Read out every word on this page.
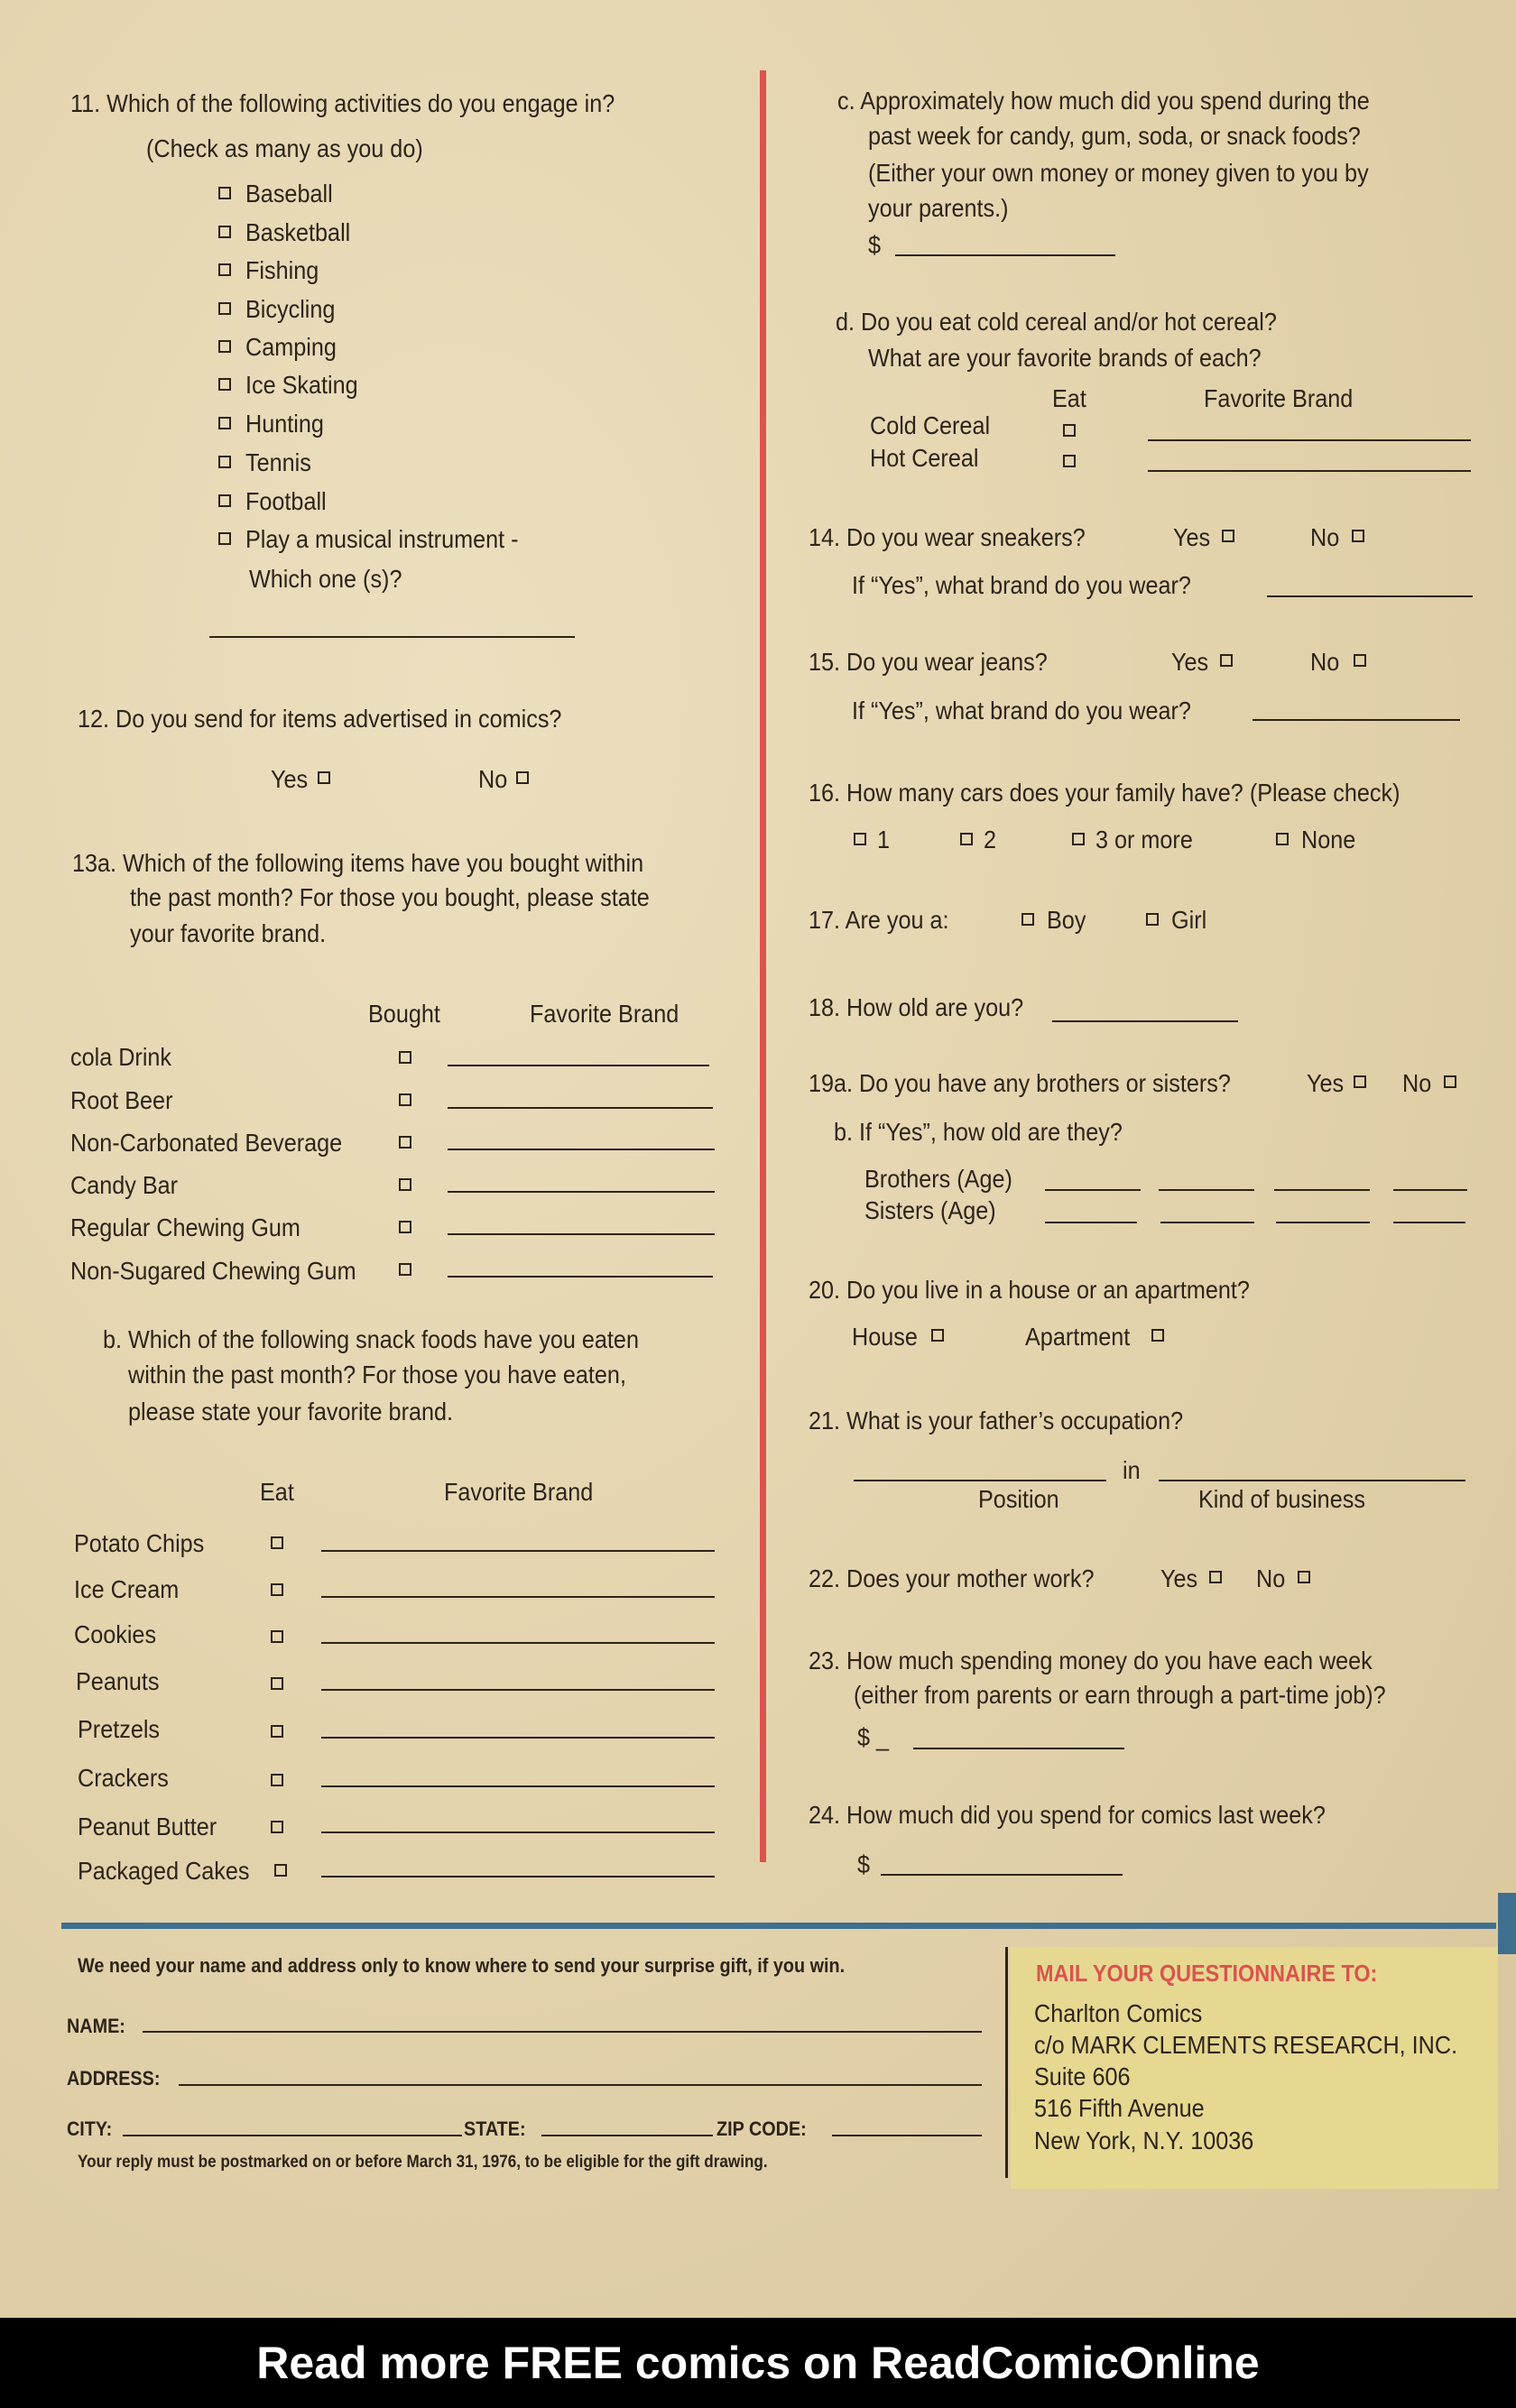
11. Which of the following activities do you engage in?
(Check as many as you do)
Baseball
Basketball
Fishing
Bicycling
Camping
Ice Skating
Hunting
Tennis
Football
Play a musical instrument -
Which one (s)?
12. Do you send for items advertised in comics?
Yes	No
13a. Which of the following items have you bought within
the past month? For those you bought, please state
your favorite brand.
Bought	Favorite Brand
cola Drink
Root Beer
Non-Carbonated Beverage
Candy Bar
Regular Chewing Gum
Non-Sugared Chewing Gum
b. Which of the following snack foods have you eaten
within the past month? For those you have eaten,
please state your favorite brand.
Eat	Favorite Brand
Potato Chips
Ice Cream
Cookies
Peanuts
Pretzels
Crackers
Peanut Butter
Packaged Cakes
c. Approximately how much did you spend during the
past week for candy, gum, soda, or snack foods?
(Either your own money or money given to you by
your parents.)
$
d. Do you eat cold cereal and/or hot cereal?
What are your favorite brands of each?
Eat	Favorite Brand
Cold Cereal
Hot Cereal
14. Do you wear sneakers?	Yes	No
If “Yes”, what brand do you wear?
15. Do you wear jeans?	Yes	No
If “Yes”, what brand do you wear?
16. How many cars does your family have? (Please check)
1	2	3 or more	None
17. Are you a:	Boy	Girl
18. How old are you?
19a. Do you have any brothers or sisters?	Yes No
b. If “Yes”, how old are they?
Brothers (Age)
Sisters (Age)
20. Do you live in a house or an apartment?
House	Apartment
21. What is your father’s occupation?
in
Position	Kind of business
22. Does your mother work?	Yes No
23. How much spending money do you have each week
(either from parents or earn through a part-time job)?
$ _
24. How much did you spend for comics last week?
$
We need your name and address only to know where to send your surprise gift, if you win.
NAME:
ADDRESS:
CITY:	STATE:	ZIP CODE:
Your reply must be postmarked on or before March 31, 1976, to be eligible for the gift drawing.
MAIL YOUR QUESTIONNAIRE TO:
Charlton Comics
c/o MARK CLEMENTS RESEARCH, INC.
Suite 606
516 Fifth Avenue
New York, N.Y. 10036
Read more FREE comics on ReadComicOnline
